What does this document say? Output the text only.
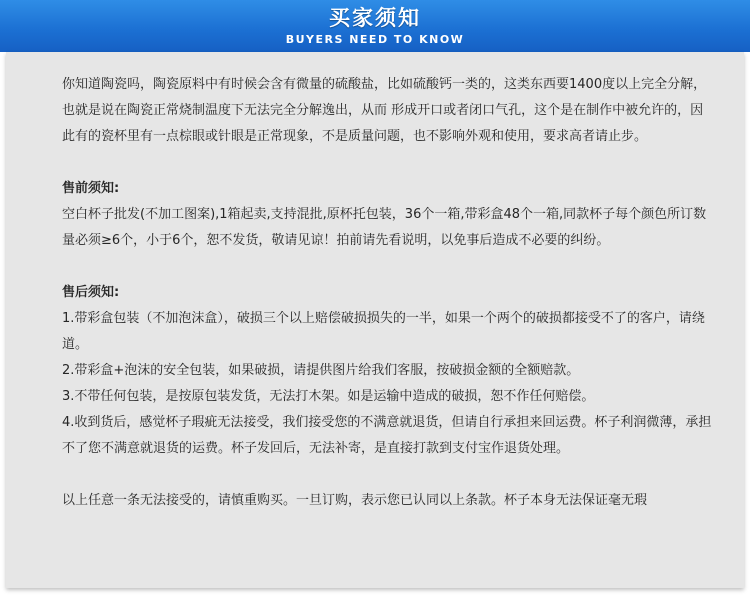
买家须知
BUYERS NEED TO KNOW

你知道陶瓷吗，陶瓷原料中有时候会含有微量的硫酸盐，比如硫酸钙一类的，这类东西要1400度以上完全分解，也就是说在陶瓷正常烧制温度下无法完全分解逸出，从而 形成开口或者闭口气孔，这个是在制作中被允许的，因此有的瓷杯里有一点棕眼或针眼是正常现象，不是质量问题，也不影响外观和使用，要求高者请止步。

售前须知:

空白杯子批发(不加工图案),1箱起卖,支持混批,原杯托包装，36个一箱,带彩盒48个一箱,同款杯子每个颜色所订数量必须≥6个，小于6个，恕不发货，敬请见谅！拍前请先看说明，以免事后造成不必要的纠纷。

售后须知:

1.带彩盒包装（不加泡沫盒），破损三个以上赔偿破损损失的一半，如果一个两个的破损都接受不了的客户，请绕道。

2.带彩盒+泡沫的安全包装，如果破损，请提供图片给我们客服，按破损金额的全额赔款。

3.不带任何包装，是按原包装发货，无法打木架。如是运输中造成的破损，恕不作任何赔偿。

4.收到货后，感觉杯子瑕疵无法接受，我们接受您的不满意就退货，但请自行承担来回运费。杯子利润微薄，承担不了您不满意就退货的运费。杯子发回后，无法补寄，是直接打款到支付宝作退货处理。

以上任意一条无法接受的，请慎重购买。一旦订购，表示您已认同以上条款。杯子本身无法保证毫无瑕
